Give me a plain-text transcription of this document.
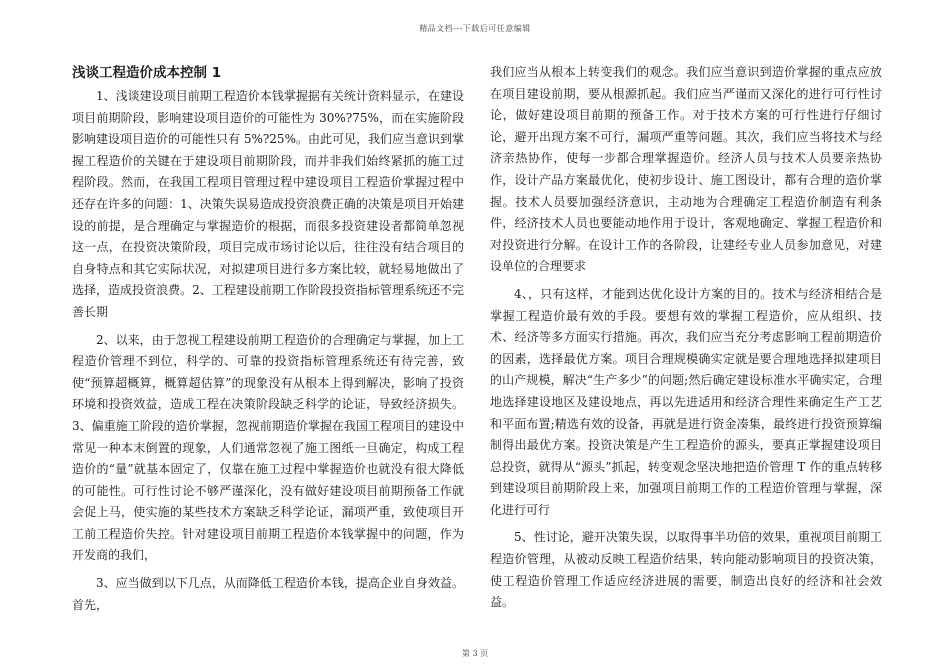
精品文档---下载后可任意编辑
浅谈工程造价成本控制 1

1、浅谈建设项目前期工程造价本钱掌握据有关统计资料显示，在建设项目前期阶段，影响建设项目造价的可能性为 30%?75%，而在实施阶段影响建设项目造价的可能性只有 5%?25%。由此可见，我们应当意识到掌握工程造价的关键在于建设项目前期阶段，而并非我们始终紧抓的施工过程阶段。然而，在我国工程项目管理过程中建设项目工程造价掌握过程中还存在许多的问题：1、决策失误易造成投资浪费正确的决策是项目开始建设的前提，是合理确定与掌握造价的根据，而很多投资建设者都简单忽视这一点，在投资决策阶段，项目完成市场讨论以后，往往没有结合项目的自身特点和其它实际状况，对拟建项目进行多方案比较，就轻易地做出了选择，造成投资浪费。2、工程建设前期工作阶段投资指标管理系统还不完善长期

2、以来，由于忽视工程建设前期工程造价的合理确定与掌握，加上工程造价管理不到位，科学的、可靠的投资指标管理系统还有待完善，致使“预算超概算，概算超估算”的现象没有从根本上得到解决，影响了投资环境和投资效益，造成工程在决策阶段缺乏科学的论证，导致经济损失。3、偏重施工阶段的造价掌握，忽视前期造价掌握在我国工程项目的建设中常见一种本末倒置的现象，人们通常忽视了施工图纸一旦确定，构成工程造价的“量”就基本固定了，仅靠在施工过程中掌握造价也就没有很大降低的可能性。可行性讨论不够严谨深化，没有做好建设项目前期预备工作就会促上马，使实施的某些技术方案缺乏科学论证，漏项严重，致使项目开工前工程造价失控。针对建设项目前期工程造价本钱掌握中的问题，作为开发商的我们，

3、应当做到以下几点，从而降低工程造价本钱，提高企业自身效益。首先，

我们应当从根本上转变我们的观念。我们应当意识到造价掌握的重点应放在项目建设前期，要从根源抓起。我们应当严谨而又深化的进行可行性讨论，做好建设项目前期的预备工作。对于技术方案的可行性进行仔细讨论，避开出现方案不可行，漏项严重等问题。其次，我们应当将技术与经济亲热协作，使每一步都合理掌握造价。经济人员与技术人员要亲热协作，设计产品方案最优化，使初步设计、施工图设计，都有合理的造价掌握。技术人员要加强经济意识，主动地为合理确定工程造价制造有利条件，经济技术人员也要能动地作用于设计，客观地确定、掌握工程造价和对投资进行分解。在设计工作的各阶段，让建经专业人员参加意见，对建设单位的合理要求

4、，只有这样，才能到达优化设计方案的目的。技术与经济相结合是掌握工程造价最有效的手段。要想有效的掌握工程造价，应从组织、技术、经济等多方面实行措施。再次，我们应当充分考虑影响工程前期造价的因素，选择最优方案。项目合理规模确实定就是要合理地选择拟建项目的山产规模，解决“生产多少”的问题;然后确定建设标准水平确实定，合理地选择建设地区及建设地点，再以先进适用和经济合理性来确定生产工艺和平面布置;精选有效的设备，再就是进行资金凑集，最终进行投资预算编制得出最优方案。投资决策是产生工程造价的源头，要真正掌握建设项目总投资，就得从“源头”抓起，转变观念坚决地把造价管理 T 作的重点转移到建设项目前期阶段上来，加强项目前期工作的工程造价管理与掌握，深化进行可行

5、性讨论，避开决策失误，以取得事半功倍的效果，重视项目前期工程造价管理，从被动反映工程造价结果，转向能动影响项目的投资决策，使工程造价管理工作适应经济进展的需要，制造出良好的经济和社会效益。

第 3 页
